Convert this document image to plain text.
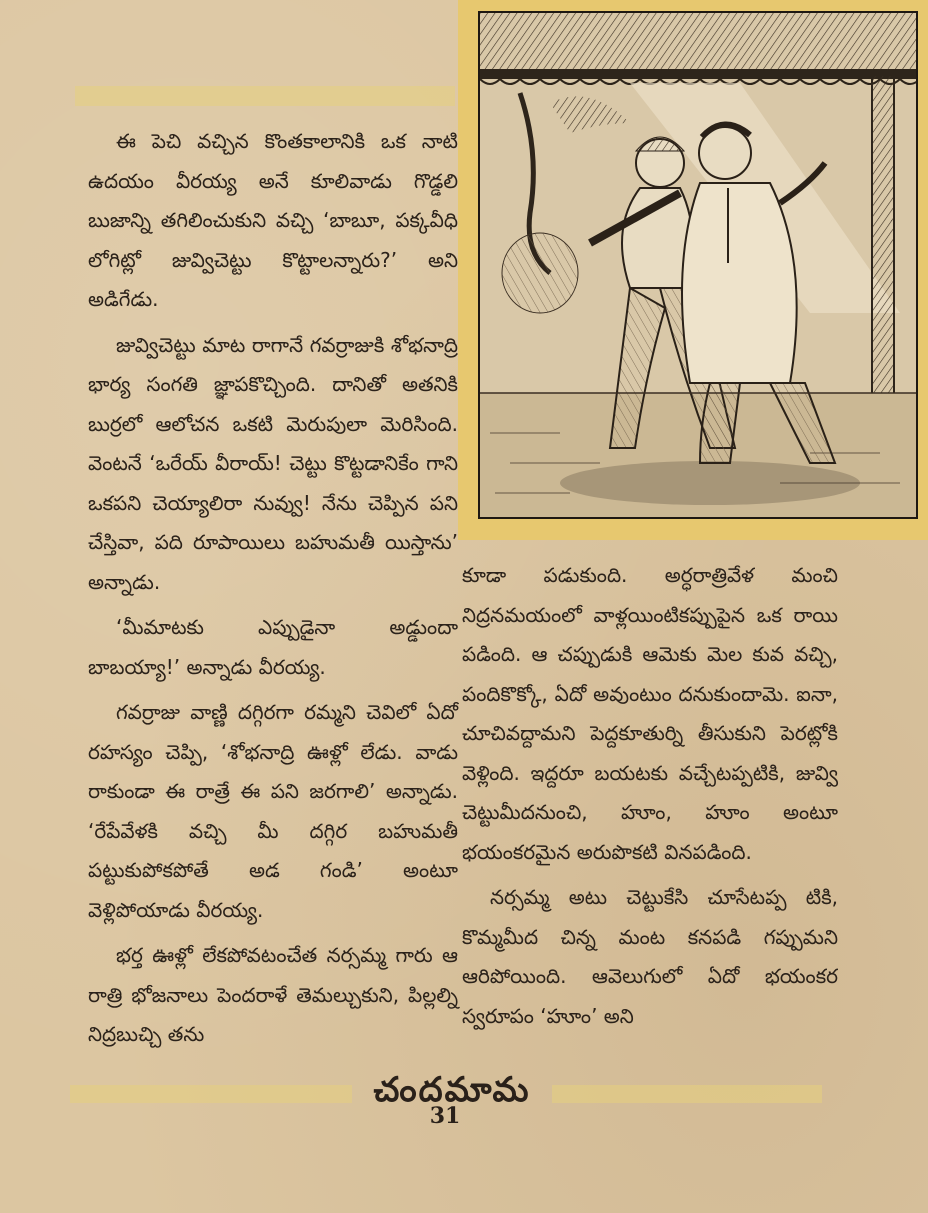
ఈ పెచి వచ్చిన కొంతకాలానికి ఒక నాటి ఉదయం వీరయ్య అనే కూలివాడు గొడ్డలి బుజాన్ని తగిలించుకుని వచ్చి ‘బాబూ, పక్కవీధి లోగిట్లో జువ్విచెట్టు కొట్టాలన్నారు?’ అని అడిగేడు.

జువ్విచెట్టు మాట రాగానే గవర్రాజుకి శోభనాద్రి భార్య సంగతి జ్ఞాపకొచ్చింది. దానితో అతనికి బుర్రలో ఆలోచన ఒకటి మెరుపులా మెరిసింది. వెంటనే ‘ఒరేయ్ వీరాయ్! చెట్టు కొట్టడానికేం గాని ఒకపని చెయ్యాలిరా నువ్వు! నేను చెప్పిన పని చేస్తివా, పది రూపాయిలు బహుమతీ యిస్తాను’ అన్నాడు.

‘మీమాటకు ఎప్పుడైనా అడ్డుందా బాబయ్యా!’ అన్నాడు వీరయ్య.

గవర్రాజు వాణ్ణి దగ్గిరగా రమ్మని చెవిలో ఏదో రహస్యం చెప్పి, ‘శోభనాద్రి ఊళ్లో లేడు. వాడు రాకుండా ఈ రాత్రే ఈ పని జరగాలి’ అన్నాడు. ‘రేపేవేళకి వచ్చి మీ దగ్గిర బహుమతీ పట్టుకుపోకపోతే అడ గండి’ అంటూ వెళ్లిపోయాడు వీరయ్య.

భర్త ఊళ్లో లేకపోవటంచేత నర్సమ్మ గారు ఆ రాత్రి భోజనాలు పెందరాళే తెమల్చుకుని, పిల్లల్ని నిద్రబుచ్చి తను

కూడా పడుకుంది. అర్ధరాత్రివేళ మంచి నిద్రనమయంలో వాళ్లయింటికప్పుపైన ఒక రాయి పడింది. ఆ చప్పుడుకి ఆమెకు మెల కువ వచ్చి, పందికొక్కో, ఏదో అవుంటుం దనుకుందామె. ఐనా, చూచివద్దామని పెద్దకూతుర్ని తీసుకుని పెరట్లోకి వెళ్లింది. ఇద్దరూ బయటకు వచ్చేటప్పటికి, జువ్వి చెట్టుమీదనుంచి, హూం, హూం అంటూ భయంకరమైన అరుపొకటి వినపడింది.

నర్సమ్మ అటు చెట్టుకేసి చూసేటప్ప టికి, కొమ్మమీద చిన్న మంట కనపడి గప్పుమని ఆరిపోయింది. ఆవెలుగులో ఏదో భయంకర స్వరూపం ‘హూం’ అని

చందమామ
31
